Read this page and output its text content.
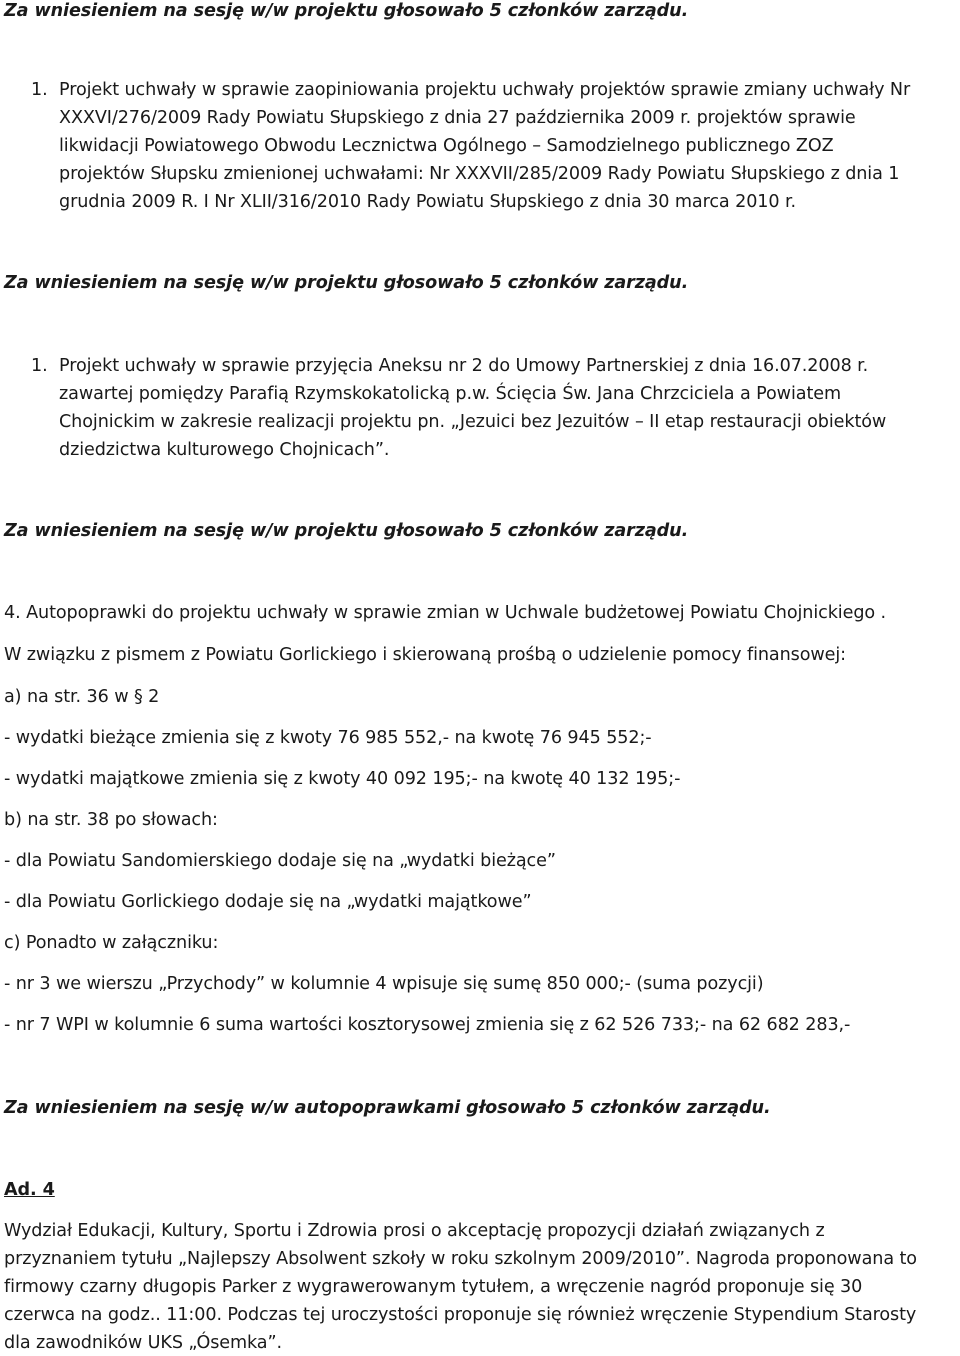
Za wniesieniem na sesję w/w projektu głosowało 5 członków zarządu.
1. Projekt uchwały w sprawie zaopiniowania projektu uchwały projektów sprawie zmiany uchwały Nr
XXXVI/276/2009 Rady Powiatu Słupskiego z dnia 27 października 2009 r. projektów sprawie
likwidacji Powiatowego Obwodu Lecznictwa Ogólnego – Samodzielnego publicznego ZOZ
projektów Słupsku zmienionej uchwałami: Nr XXXVII/285/2009 Rady Powiatu Słupskiego z dnia 1
grudnia 2009 R. I Nr XLII/316/2010 Rady Powiatu Słupskiego z dnia 30 marca 2010 r.
Za wniesieniem na sesję w/w projektu głosowało 5 członków zarządu.
1. Projekt uchwały w sprawie przyjęcia Aneksu nr 2 do Umowy Partnerskiej z dnia 16.07.2008 r.
zawartej pomiędzy Parafią Rzymskokatolicką p.w. Ścięcia Św. Jana Chrzciciela a Powiatem
Chojnickim w zakresie realizacji projektu pn. „Jezuici bez Jezuitów – II etap restauracji obiektów
dziedzictwa kulturowego Chojnicach”.
Za wniesieniem na sesję w/w projektu głosowało 5 członków zarządu.
4. Autopoprawki do projektu uchwały w sprawie zmian w Uchwale budżetowej Powiatu Chojnickiego .
W związku z pismem z Powiatu Gorlickiego i skierowaną prośbą o udzielenie pomocy finansowej:
a) na str. 36 w § 2
- wydatki bieżące zmienia się z kwoty 76 985 552,- na kwotę 76 945 552;-
- wydatki majątkowe zmienia się z kwoty 40 092 195;- na kwotę 40 132 195;-
b) na str. 38 po słowach:
- dla Powiatu Sandomierskiego dodaje się na „wydatki bieżące”
- dla Powiatu Gorlickiego dodaje się na „wydatki majątkowe”
c) Ponadto w załączniku:
- nr 3 we wierszu „Przychody” w kolumnie 4 wpisuje się sumę 850 000;- (suma pozycji)
- nr 7 WPI w kolumnie 6 suma wartości kosztorysowej zmienia się z 62 526 733;- na 62 682 283,-
Za wniesieniem na sesję w/w autopoprawkami głosowało 5 członków zarządu.
Ad. 4
Wydział Edukacji, Kultury, Sportu i Zdrowia prosi o akceptację propozycji działań związanych z
przyznaniem tytułu „Najlepszy Absolwent szkoły w roku szkolnym 2009/2010”. Nagroda proponowana to
firmowy czarny długopis Parker z wygrawerowanym tytułem, a wręczenie nagród proponuje się 30
czerwca na godz.. 11:00. Podczas tej uroczystości proponuje się również wręczenie Stypendium Starosty
dla zawodników UKS „Ósemka”.
